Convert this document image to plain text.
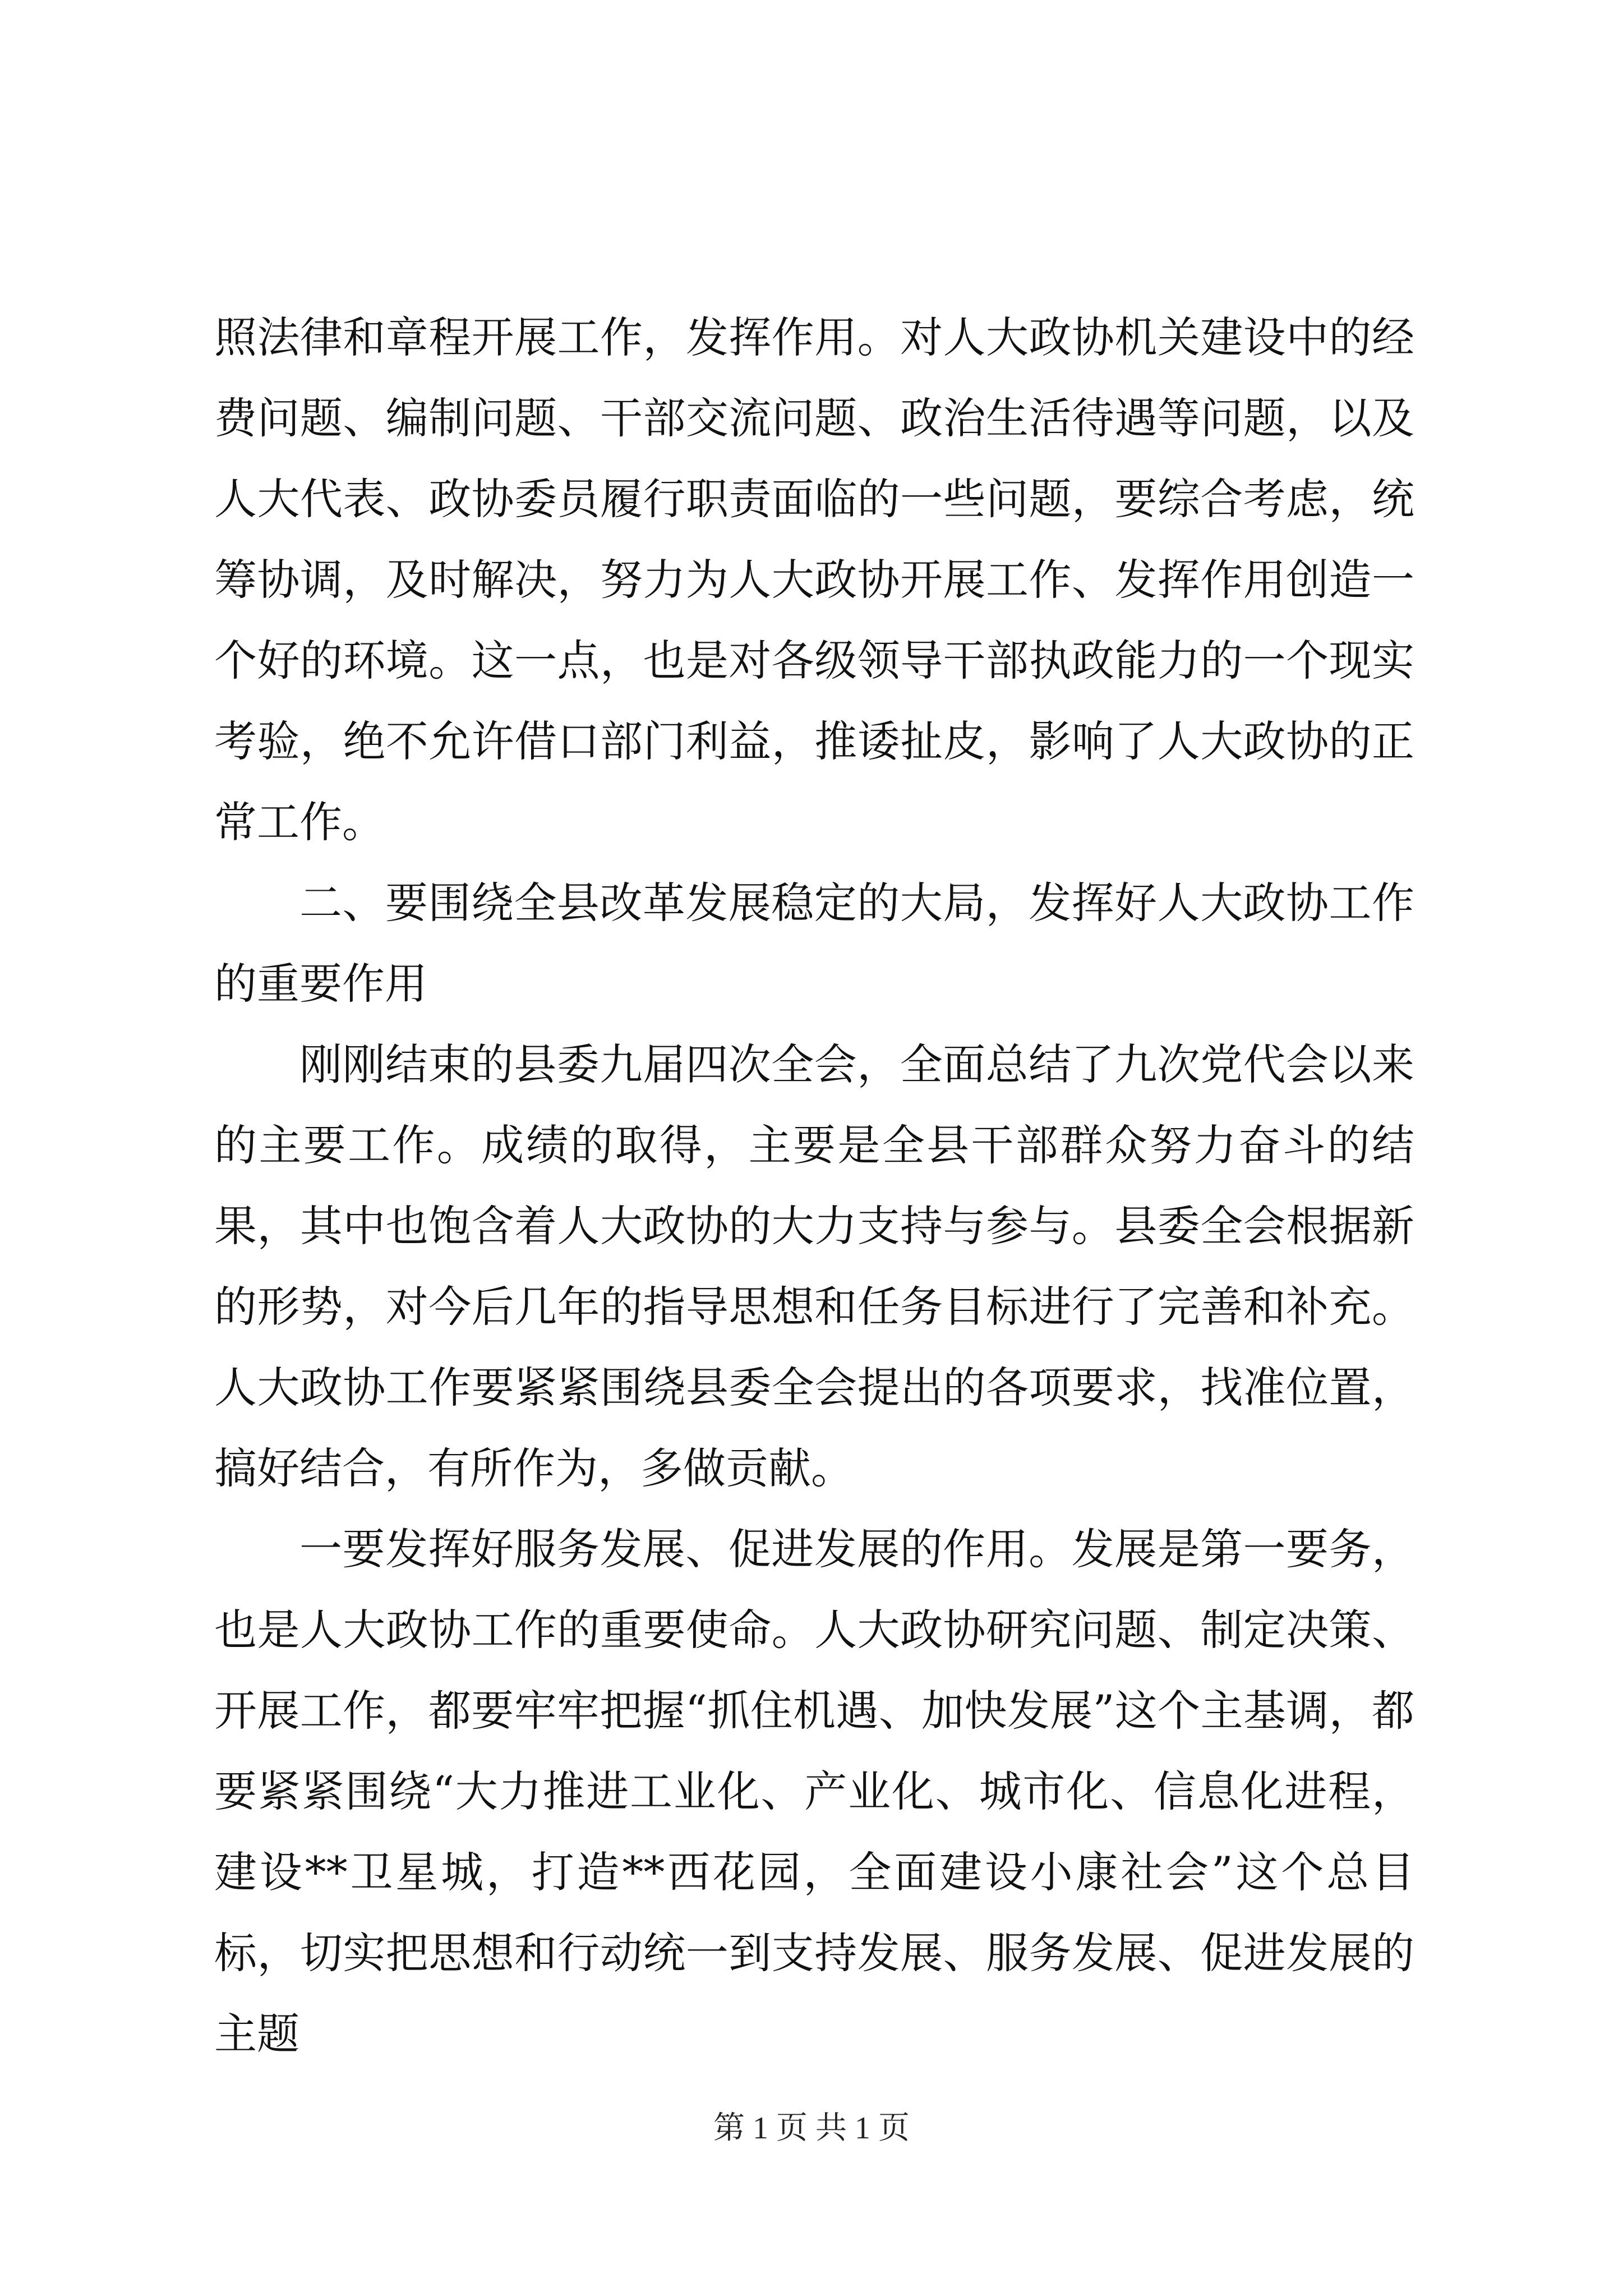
照法律和章程开展工作，发挥作用。对人大政协机关建设中的经费问题、编制问题、干部交流问题、政治生活待遇等问题，以及人大代表、政协委员履行职责面临的一些问题，要综合考虑，统筹协调，及时解决，努力为人大政协开展工作、发挥作用创造一个好的环境。这一点，也是对各级领导干部执政能力的一个现实考验，绝不允许借口部门利益，推诿扯皮，影响了人大政协的正常工作。

二、要围绕全县改革发展稳定的大局，发挥好人大政协工作的重要作用

刚刚结束的县委九届四次全会，全面总结了九次党代会以来的主要工作。成绩的取得，主要是全县干部群众努力奋斗的结果，其中也饱含着人大政协的大力支持与参与。县委全会根据新的形势，对今后几年的指导思想和任务目标进行了完善和补充。人大政协工作要紧紧围绕县委全会提出的各项要求，找准位置，搞好结合，有所作为，多做贡献。

一要发挥好服务发展、促进发展的作用。发展是第一要务，也是人大政协工作的重要使命。人大政协研究问题、制定决策、开展工作，都要牢牢把握“抓住机遇、加快发展”这个主基调，都要紧紧围绕“大力推进工业化、产业化、城市化、信息化进程，建设**卫星城，打造**西花园，全面建设小康社会”这个总目标，切实把思想和行动统一到支持发展、服务发展、促进发展的主题

第 1 页 共 1 页
